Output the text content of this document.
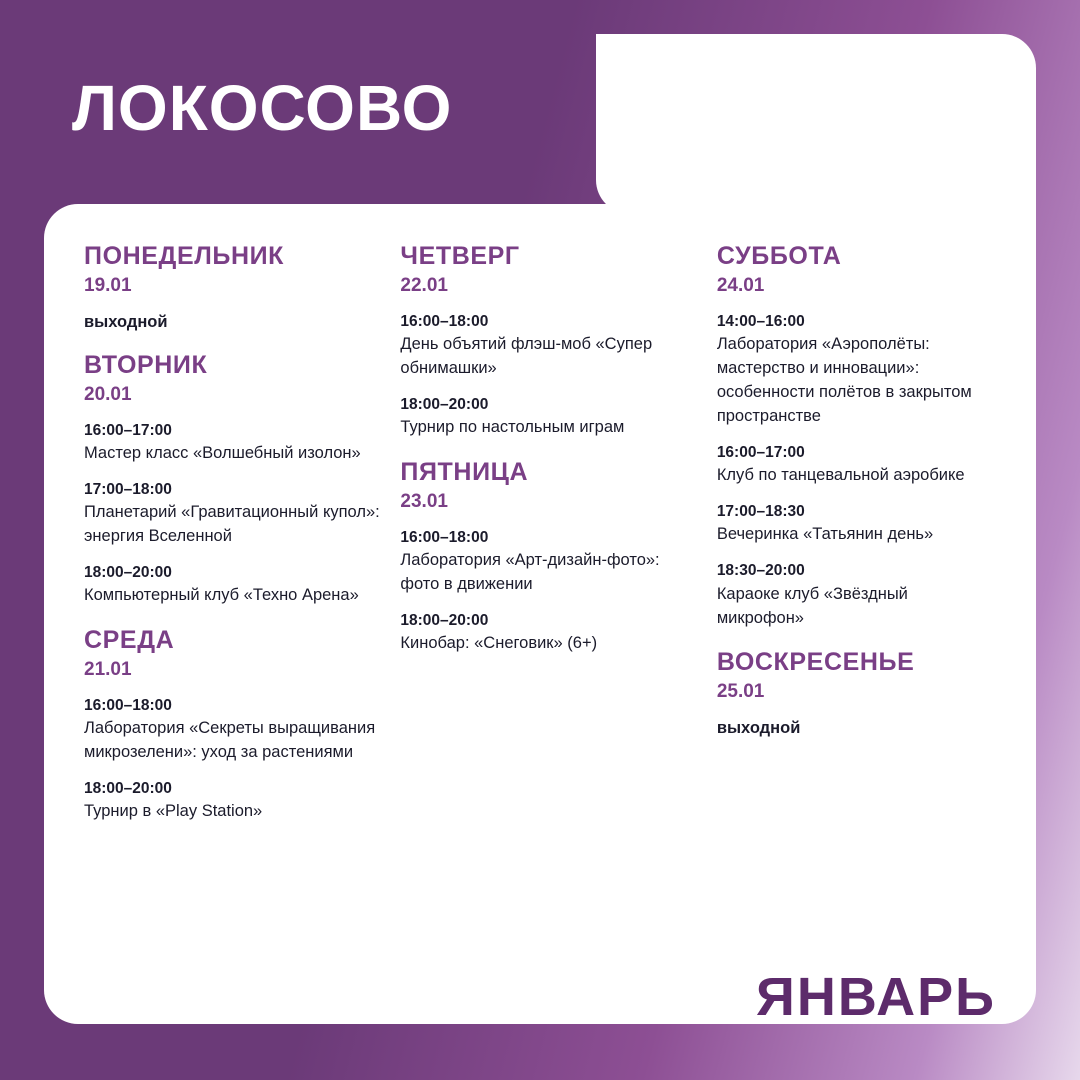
ЛОКОСОВО
ПОНЕДЕЛЬНИК
19.01
выходной
ВТОРНИК
20.01
16:00–17:00
Мастер класс «Волшебный изолон»
17:00–18:00
Планетарий «Гравитационный купол»: энергия Вселенной
18:00–20:00
Компьютерный клуб «Техно Арена»
СРЕДА
21.01
16:00–18:00
Лаборатория «Секреты выращивания микрозелени»: уход за растениями
18:00–20:00
Турнир в «Play Station»
ЧЕТВЕРГ
22.01
16:00–18:00
День объятий флэш-моб «Супер обнимашки»
18:00–20:00
Турнир по настольным играм
ПЯТНИЦА
23.01
16:00–18:00
Лаборатория «Арт-дизайн-фото»: фото в движении
18:00–20:00
Кинобар: «Снеговик» (6+)
СУББОТА
24.01
14:00–16:00
Лаборатория «Аэрополёты: мастерство и инновации»: особенности полётов в закрытом пространстве
16:00–17:00
Клуб по танцевальной аэробике
17:00–18:30
Вечеринка «Татьянин день»
18:30–20:00
Караоке клуб «Звёздный микрофон»
ВОСКРЕСЕНЬЕ
25.01
выходной
ЯНВАРЬ
